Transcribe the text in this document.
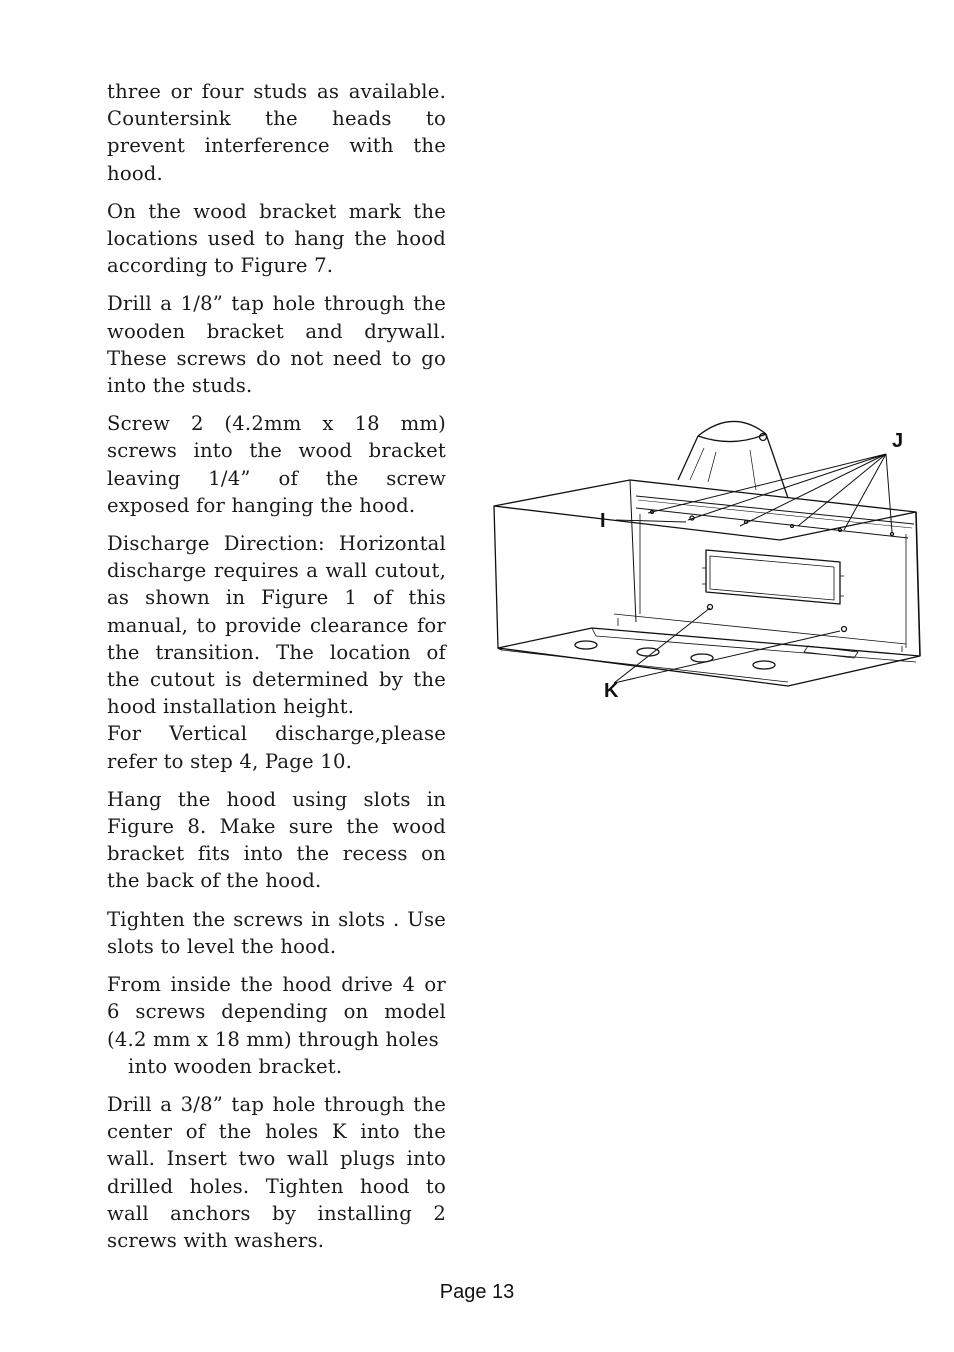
three or four studs as available. Countersink the heads to prevent interference with the hood.

On the wood bracket mark the locations used to hang the hood according to Figure 7.

Drill a 1/8” tap hole through the wooden bracket and drywall. These screws do not need to go into the studs.

Screw 2 (4.2mm x 18 mm) screws into the wood bracket leaving 1/4” of the screw exposed for hanging the hood.

Discharge Direction: Horizontal discharge requires a wall cutout, as shown in Figure 1 of this manual, to provide clearance for the transition. The location of the cutout is determined by the hood installation height.

For Vertical discharge,please refer to step 4, Page 10.

Hang the hood using slots in Figure 8. Make sure the wood bracket fits into the recess on the back of the hood.

Tighten the screws in slots . Use slots to level the hood.

From inside the hood drive 4 or 6 screws depending on model (4.2 mm x 18 mm) through holes

into wooden bracket.

Drill a 3/8” tap hole through the center of the holes K into the wall. Insert two wall plugs into drilled holes. Tighten hood to wall anchors by installing 2 screws with washers.

J
I
K
Page 13
